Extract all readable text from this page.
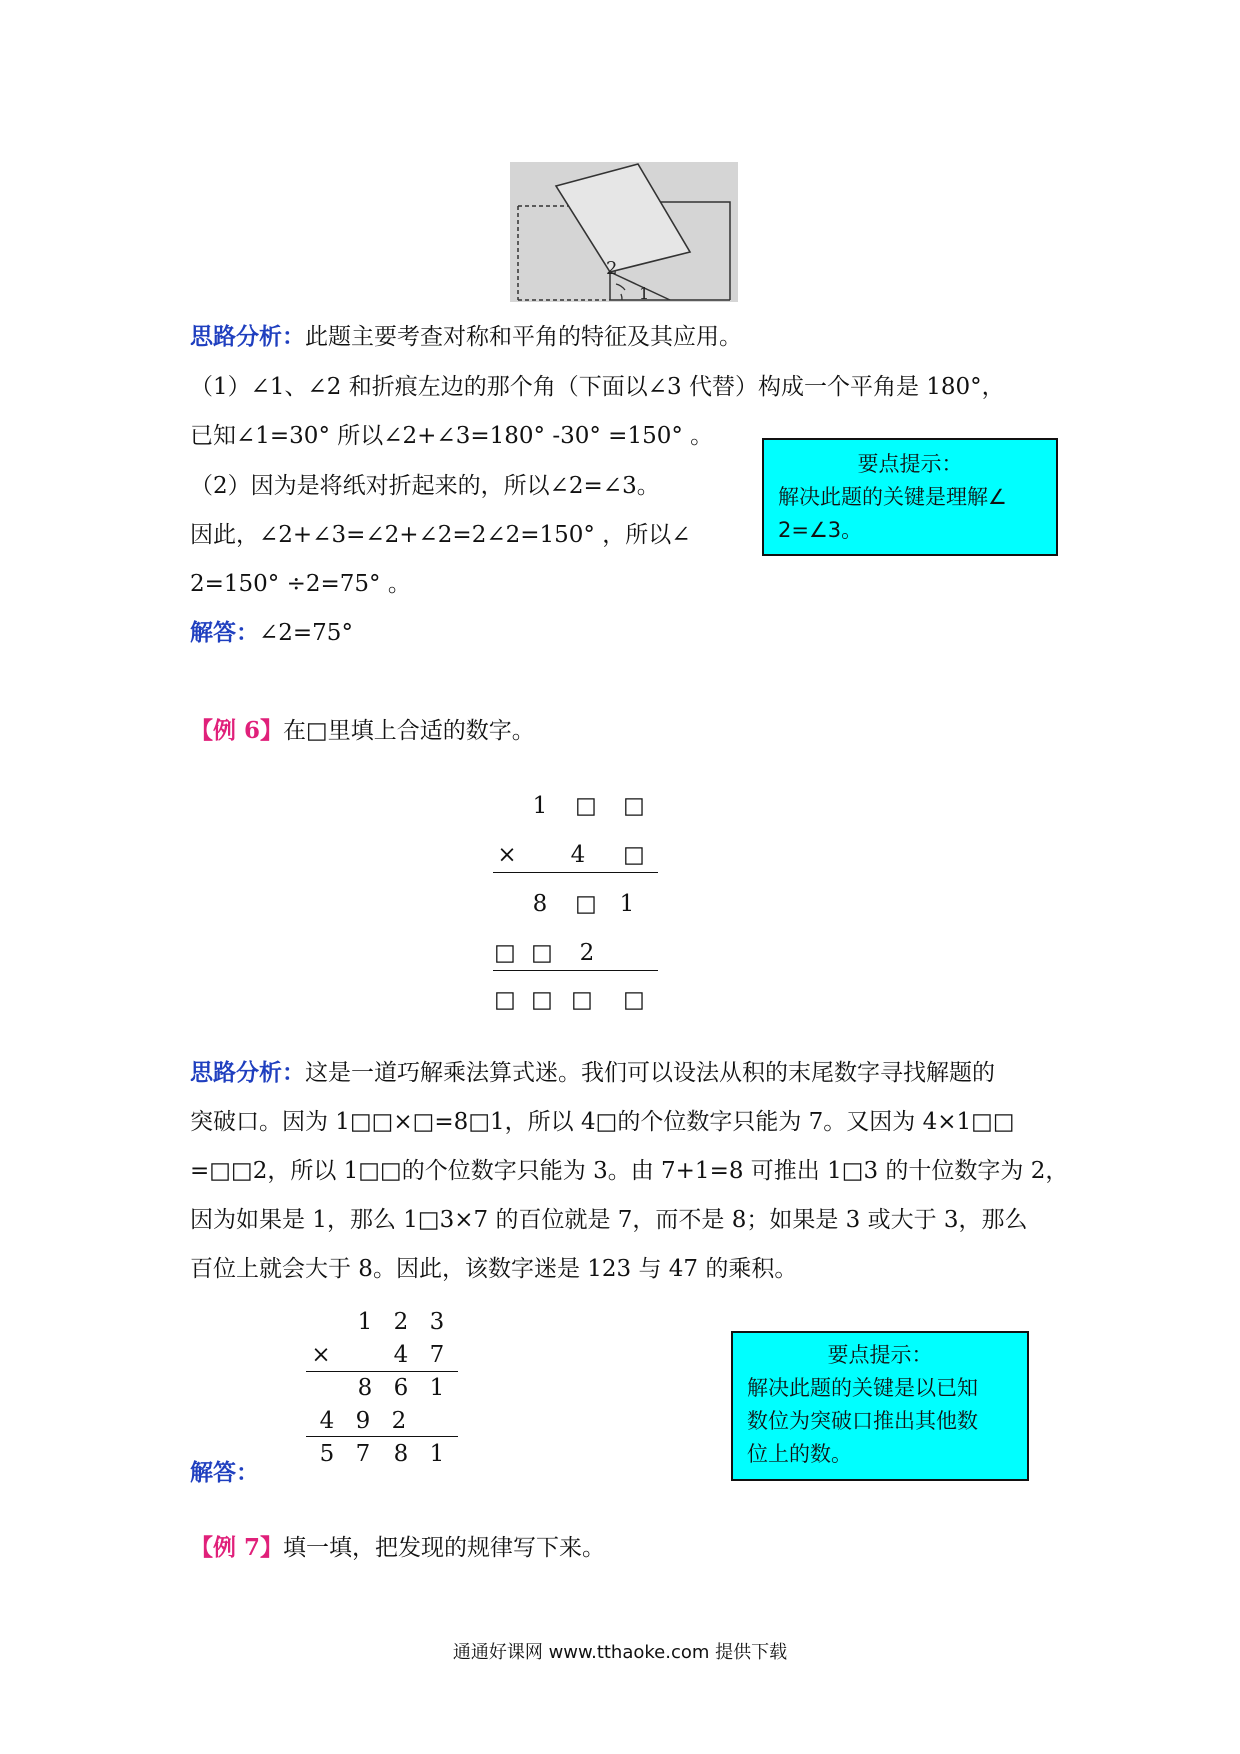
2
1
思路分析：此题主要考查对称和平角的特征及其应用。
（1）∠1、∠2 和折痕左边的那个角（下面以∠3 代替）构成一个平角是 180°，
已知∠1=30° 所以∠2+∠3=180° -30° =150° 。
（2）因为是将纸对折起来的，所以∠2=∠3。
因此，∠2+∠3=∠2+∠2=2∠2=150° ，所以∠
2=150° ÷2=75° 。
解答：∠2=75°
要点提示：
解决此题的关键是理解∠
2=∠3。
【例 6】在□里填上合适的数字。
1	□ □
×	4	□
8	□ 1
□ □	2
□ □ □ □
思路分析：这是一道巧解乘法算式迷。我们可以设法从积的末尾数字寻找解题的
突破口。因为 1□□×□=8□1，所以 4□的个位数字只能为 7。又因为 4×1□□
=□□2，所以 1□□的个位数字只能为 3。由 7+1=8 可推出 1□3 的十位数字为 2，
因为如果是 1，那么 1□3×7 的百位就是 7，而不是 8；如果是 3 或大于 3，那么
百位上就会大于 8。因此，该数字迷是 123 与 47 的乘积。
1 2 3
×	4 7
8 6 1
4 9 2
5 7	8 1
解答：
要点提示：
解决此题的关键是以已知
数位为突破口推出其他数
位上的数。
【例 7】填一填，把发现的规律写下来。
通通好课网 www.tthaoke.com 提供下载
